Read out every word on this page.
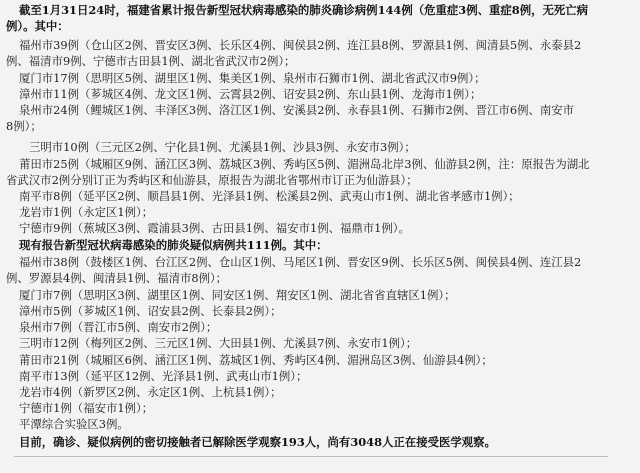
截至1月31日24时，福建省累计报告新型冠状病毒感染的肺炎确诊病例144例（危重症3例、重症8例，无死亡病
例）。其中：
福州市39例（仓山区2例、晋安区3例、长乐区4例、闽侯县2例、连江县8例、罗源县1例、闽清县5例、永泰县2
例、福清市9例、宁德市古田县1例、湖北省武汉市2例）；
厦门市17例（思明区5例、湖里区1例、集美区1例、泉州市石狮市1例、湖北省武汉市9例）；
漳州市11例（芗城区4例、龙文区1例、云霄县2例、诏安县2例、东山县1例、龙海市1例）；
泉州市24例（鲤城区1例、丰泽区3例、洛江区1例、安溪县2例、永春县1例、石狮市2例、晋江市6例、南安市
8例）；
三明市10例（三元区2例、宁化县1例、尤溪县1例、沙县3例、永安市3例）；
莆田市25例（城厢区9例、涵江区3例、荔城区3例、秀屿区5例、湄洲岛北岸3例、仙游县2例，注：原报告为湖北
省武汉市2例分别订正为秀屿区和仙游县，原报告为湖北省鄂州市订正为仙游县）；
南平市8例（延平区2例、顺昌县1例、光泽县1例、松溪县2例、武夷山市1例、湖北省孝感市1例）；
龙岩市1例（永定区1例）；
宁德市9例（蕉城区3例、霞浦县3例、古田县1例、福安市1例、福鼎市1例）。
现有报告新型冠状病毒感染的肺炎疑似病例共111例。其中：
福州市38例（鼓楼区1例、台江区2例、仓山区1例、马尾区1例、晋安区9例、长乐区5例、闽侯县4例、连江县2
例、罗源县4例、闽清县1例、福清市8例）；
厦门市7例（思明区3例、湖里区1例、同安区1例、翔安区1例、湖北省省直辖区1例）；
漳州市5例（芗城区1例、诏安县2例、长泰县2例）；
泉州市7例（晋江市5例、南安市2例）；
三明市12例（梅列区2例、三元区1例、大田县1例、尤溪县7例、永安市1例）；
莆田市21例（城厢区6例、涵江区1例、荔城区1例、秀屿区4例、湄洲岛区3例、仙游县4例）；
南平市13例（延平区12例、光泽县1例、武夷山市1例）；
龙岩市4例（新罗区2例、永定区1例、上杭县1例）；
宁德市1例（福安市1例）；
平潭综合实验区3例。
目前，确诊、疑似病例的密切接触者已解除医学观察193人，尚有3048人正在接受医学观察。
